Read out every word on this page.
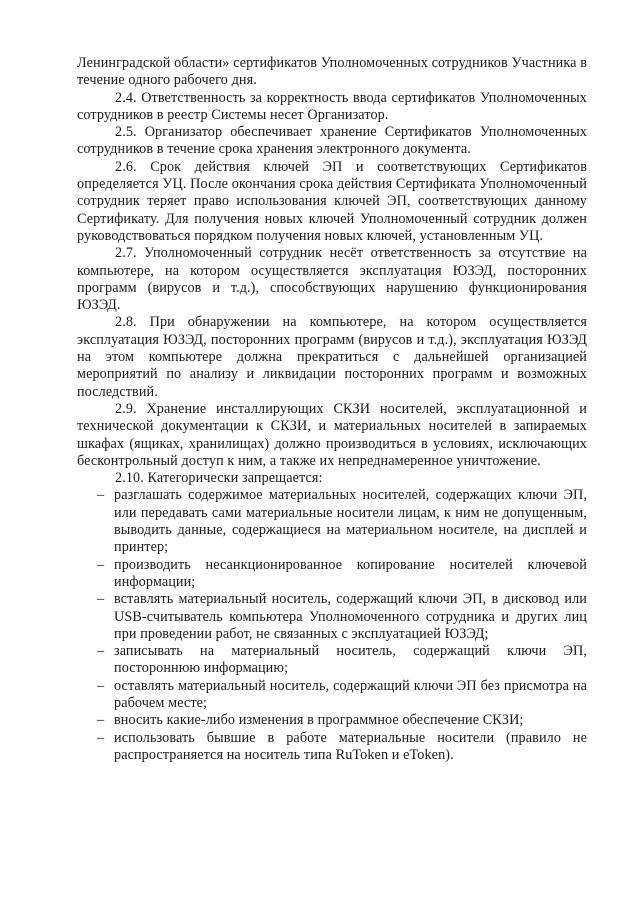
Ленинградской области» сертификатов Уполномоченных сотрудников Участника в течение одного рабочего дня.

2.4. Ответственность за корректность ввода сертификатов Уполномоченных сотрудников в реестр Системы несет Организатор.

2.5. Организатор обеспечивает хранение Сертификатов Уполномоченных сотрудников в течение срока хранения электронного документа.

2.6. Срок действия ключей ЭП и соответствующих Сертификатов определяется УЦ. После окончания срока действия Сертификата Уполномоченный сотрудник теряет право использования ключей ЭП, соответствующих данному Сертификату. Для получения новых ключей Уполномоченный сотрудник должен руководствоваться порядком получения новых ключей, установленным УЦ.

2.7. Уполномоченный сотрудник несёт ответственность за отсутствие на компьютере, на котором осуществляется эксплуатация ЮЗЭД, посторонних программ (вирусов и т.д.), способствующих нарушению функционирования ЮЗЭД.

2.8. При обнаружении на компьютере, на котором осуществляется эксплуатация ЮЗЭД, посторонних программ (вирусов и т.д.), эксплуатация ЮЗЭД на этом компьютере должна прекратиться с дальнейшей организацией мероприятий по анализу и ликвидации посторонних программ и возможных последствий.

2.9. Хранение инсталлирующих СКЗИ носителей, эксплуатационной и технической документации к СКЗИ, и материальных носителей в запираемых шкафах (ящиках, хранилищах) должно производиться в условиях, исключающих бесконтрольный доступ к ним, а также их непреднамеренное уничтожение.

2.10. Категорически запрещается:

– разглашать содержимое материальных носителей, содержащих ключи ЭП, или передавать сами материальные носители лицам, к ним не допущенным, выводить данные, содержащиеся на материальном носителе, на дисплей и принтер;
– производить несанкционированное копирование носителей ключевой информации;
– вставлять материальный носитель, содержащий ключи ЭП, в дисковод или USB-считыватель компьютера Уполномоченного сотрудника и других лиц при проведении работ, не связанных с эксплуатацией ЮЗЭД;
– записывать на материальный носитель, содержащий ключи ЭП, постороннюю информацию;
– оставлять материальный носитель, содержащий ключи ЭП без присмотра на рабочем месте;
– вносить какие-либо изменения в программное обеспечение СКЗИ;
– использовать бывшие в работе материальные носители (правило не распространяется на носитель типа RuToken и eToken).
